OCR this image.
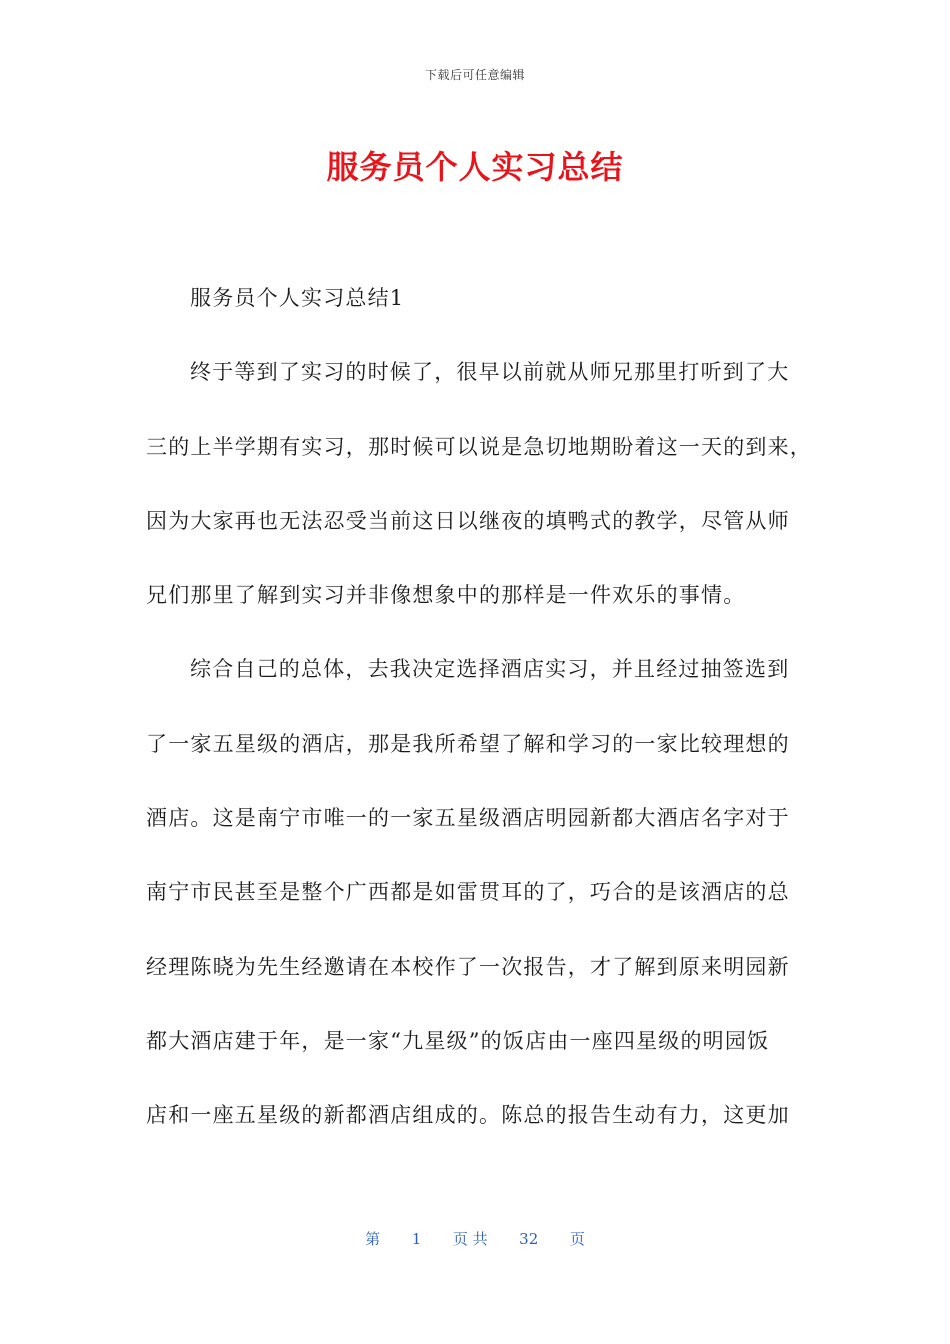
下载后可任意编辑
服务员个人实习总结
服务员个人实习总结1
终于等到了实习的时候了，很早以前就从师兄那里打听到了大
三的上半学期有实习，那时候可以说是急切地期盼着这一天的到来，
因为大家再也无法忍受当前这日以继夜的填鸭式的教学，尽管从师
兄们那里了解到实习并非像想象中的那样是一件欢乐的事情。
综合自己的总体，去我决定选择酒店实习，并且经过抽签选到
了一家五星级的酒店，那是我所希望了解和学习的一家比较理想的
酒店。这是南宁市唯一的一家五星级酒店明园新都大酒店名字对于
南宁市民甚至是整个广西都是如雷贯耳的了，巧合的是该酒店的总
经理陈晓为先生经邀请在本校作了一次报告，才了解到原来明园新
都大酒店建于年，是一家“九星级”的饭店由一座四星级的明园饭
店和一座五星级的新都酒店组成的。陈总的报告生动有力，这更加
第 1 页 共 32 页
